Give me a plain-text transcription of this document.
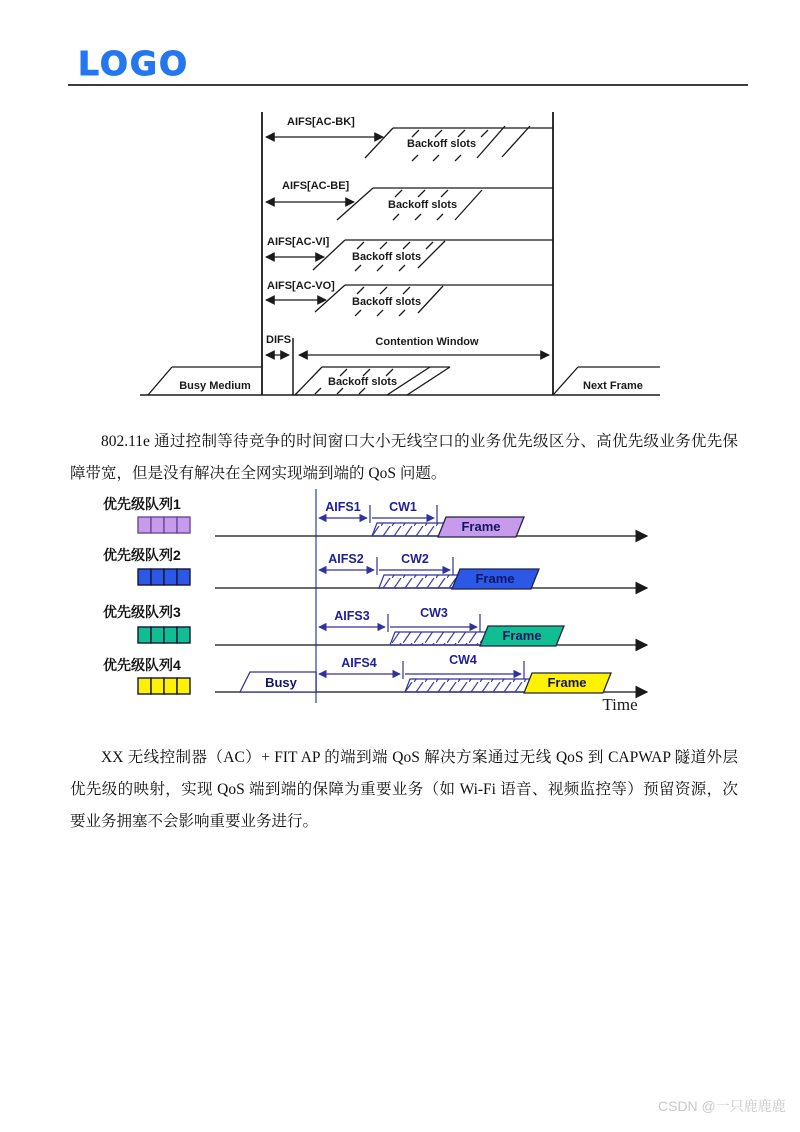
LOGO
AIFS[AC-BK]
Backoff slots
AIFS[AC-BE]
Backoff slots
AIFS[AC-VI]
Backoff slots
AIFS[AC-VO]
Backoff slots
DIFS	Contention Window
Busy Medium	Backoff slots	Next Frame

802.11e 通过控制等待竞争的时间窗口大小无线空口的业务优先级区分、高优先级业务优先保障带宽，但是没有解决在全网实现端到端的 QoS 问题。

优先级队列1
优先级队列2
优先级队列3
优先级队列4
AIFS1 CW1
Frame
AIFS2	CW2
Frame
AIFS3	CW3
Frame
AIFS4	CW4
Busy	Frame
Time

XX 无线控制器（AC）+ FIT AP 的端到端 QoS 解决方案通过无线 QoS 到 CAPWAP 隧道外层优先级的映射，实现 QoS 端到端的保障为重要业务（如 Wi-Fi 语音、视频监控等）预留资源，次要业务拥塞不会影响重要业务进行。

CSDN @一只鹿鹿鹿
